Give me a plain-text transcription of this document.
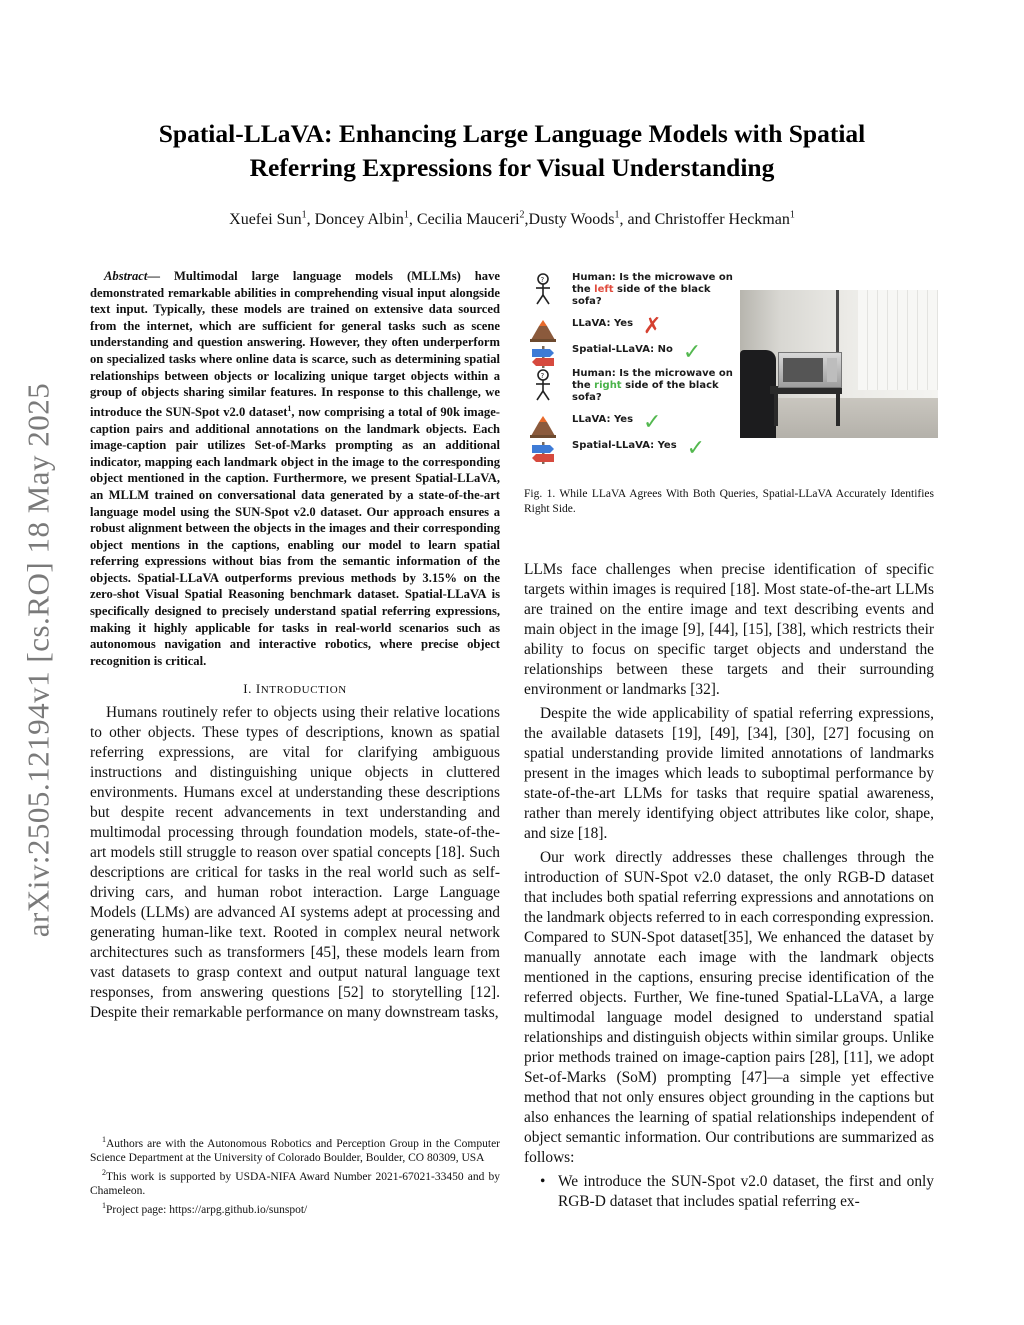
arXiv:2505.12194v1 [cs.RO] 18 May 2025
Spatial-LLaVA: Enhancing Large Language Models with Spatial
Referring Expressions for Visual Understanding
Xuefei Sun$^1$, Doncey Albin$^1$, Cecilia Mauceri$^2$,Dusty Woods$^1$, and Christoffer Heckman$^1$

Abstract— Multimodal large language models (MLLMs) have demonstrated remarkable abilities in comprehending visual input alongside text input. Typically, these models are trained on extensive data sourced from the internet, which are sufficient for general tasks such as scene understanding and question answering. However, they often underperform on specialized tasks where online data is scarce, such as determining spatial relationships between objects or localizing unique target objects within a group of objects sharing similar features. In response to this challenge, we introduce the SUN-Spot v2.0 dataset$^1$, now comprising a total of 90k image-caption pairs and additional annotations on the landmark objects. Each image-caption pair utilizes Set-of-Marks prompting as an additional indicator, mapping each landmark object in the image to the corresponding object mentioned in the caption. Furthermore, we present Spatial-LLaVA, an MLLM trained on conversational data generated by a state-of-the-art language model using the SUN-Spot v2.0 dataset. Our approach ensures a robust alignment between the objects in the images and their corresponding object mentions in the captions, enabling our model to learn spatial referring expressions without bias from the semantic information of the objects. Spatial-LLaVA outperforms previous methods by 3.15% on the zero-shot Visual Spatial Reasoning benchmark dataset. Spatial-LLaVA is specifically designed to precisely understand spatial referring expressions, making it highly applicable for tasks in real-world scenarios such as autonomous navigation and interactive robotics, where precise object recognition is critical.

I. INTRODUCTION

Humans routinely refer to objects using their relative locations to other objects. These types of descriptions, known as spatial referring expressions, are vital for clarifying ambiguous instructions and distinguishing unique objects in cluttered environments. Humans excel at understanding these descriptions but despite recent advancements in text understanding and multimodal processing through foundation models, state-of-the-art models still struggle to reason over spatial concepts [18]. Such descriptions are critical for tasks in the real world such as self-driving cars, and human robot interaction. Large Language Models (LLMs) are advanced AI systems adept at processing and generating human-like text. Rooted in complex neural network architectures such as transformers [45], these models learn from vast datasets to grasp context and output natural language text responses, from answering questions [52] to storytelling [12]. Despite their remarkable performance on many downstream tasks,

$^1$Authors are with the Autonomous Robotics and Perception Group in the Computer Science Department at the University of Colorado Boulder, Boulder, CO 80309, USA
$^2$This work is supported by USDA-NIFA Award Number 2021-67021-33450 and by Chameleon.
$^1$Project page: https://arpg.github.io/sunspot/
?	Human: Is the microwave on the left side of the black sofa?
LLaVA: Yes ✗
Spatial-LLaVA: No ✓
?	Human: Is the microwave on the right side of the black sofa?
LLaVA: Yes ✓
Spatial-LLaVA: Yes ✓
Fig. 1. While LLaVA Agrees With Both Queries, Spatial-LLaVA Accurately Identifies Right Side.

LLMs face challenges when precise identification of specific targets within images is required [18]. Most state-of-the-art LLMs are trained on the entire image and text describing events and main object in the image [9], [44], [15], [38], which restricts their ability to focus on specific target objects and understand the relationships between these targets and their surrounding environment or landmarks [32].

Despite the wide applicability of spatial referring expressions, the available datasets [19], [49], [34], [30], [27] focusing on spatial understanding provide limited annotations of landmarks present in the images which leads to suboptimal performance by state-of-the-art LLMs for tasks that require spatial awareness, rather than merely identifying object attributes like color, shape, and size [18].

Our work directly addresses these challenges through the introduction of SUN-Spot v2.0 dataset, the only RGB-D dataset that includes both spatial referring expressions and annotations on the landmark objects referred to in each corresponding expression. Compared to SUN-Spot dataset[35], We enhanced the dataset by manually annotate each image with the landmark objects mentioned in the captions, ensuring precise identification of the referred objects. Further, We fine-tuned Spatial-LLaVA, a large multimodal language model designed to understand spatial relationships and distinguish objects within similar groups. Unlike prior methods trained on image-caption pairs [28], [11], we adopt Set-of-Marks (SoM) prompting [47]—a simple yet effective method that not only ensures object grounding in the captions but also enhances the learning of spatial relationships independent of object semantic information. Our contributions are summarized as follows:

• We introduce the SUN-Spot v2.0 dataset, the first and only RGB-D dataset that includes spatial referring ex-
